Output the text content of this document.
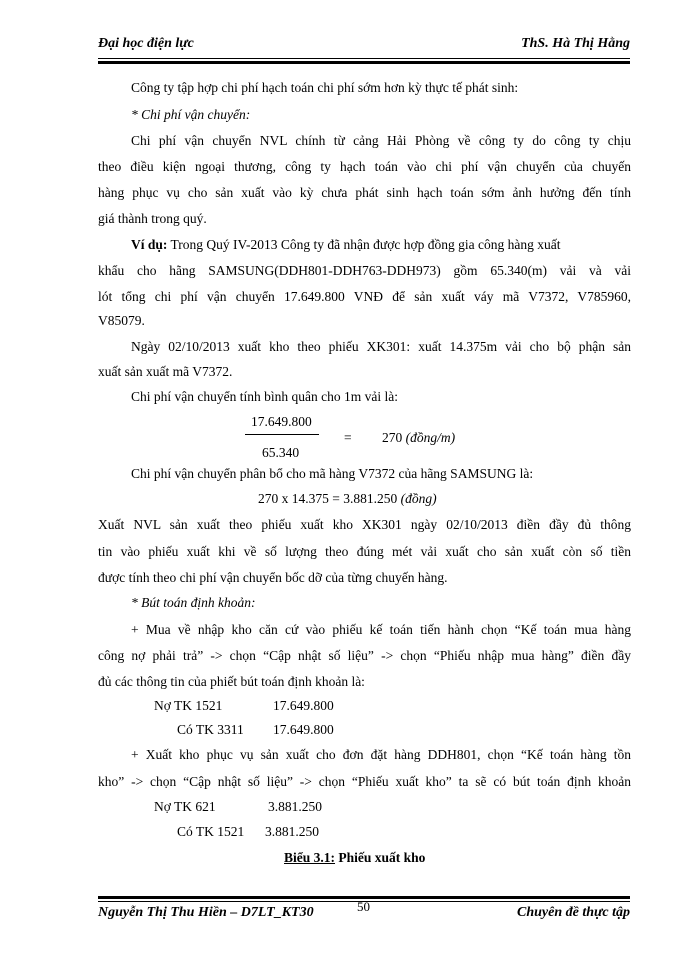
Đại học điện lực	ThS. Hà Thị Hằng
Công ty tập hợp chi phí hạch toán chi phí sớm hơn kỳ thực tế phát sinh:
* Chi phí vận chuyển:
Chi phí vận chuyển NVL chính từ cảng Hải Phòng về công ty do công ty chịu
theo điều kiện ngoại thương, công ty hạch toán vào chi phí vận chuyển của chuyến
hàng phục vụ cho sản xuất vào kỳ chưa phát sinh hạch toán sớm ảnh hưởng đến tính
giá thành trong quý.
Ví dụ: Trong Quý IV-2013 Công ty đã nhận được hợp đồng gia công hàng xuất
khẩu cho hãng SAMSUNG(DDH801-DDH763-DDH973) gồm 65.340(m) vải và vải
lót tổng chi phí vận chuyển 17.649.800 VNĐ để sản xuất váy mã V7372, V785960,
V85079.
Ngày 02/10/2013 xuất kho theo phiếu XK301: xuất 14.375m vải cho bộ phận sản
xuất sản xuất mã V7372.
Chi phí vận chuyển tính bình quân cho 1m vải là:
17.649.800
= 270 (đồng/m)
65.340
Chi phí vận chuyển phân bổ cho mã hàng V7372 của hãng SAMSUNG là:
270 x 14.375 = 3.881.250 (đồng)
Xuất NVL sản xuất theo phiếu xuất kho XK301 ngày 02/10/2013 điền đầy đủ thông
tin vào phiếu xuất khi về số lượng theo đúng mét vải xuất cho sản xuất còn số tiền
được tính theo chi phí vận chuyển bốc dỡ của từng chuyến hàng.
* Bút toán định khoản:
+ Mua về nhập kho căn cứ vào phiếu kế toán tiến hành chọn “Kế toán mua hàng
công nợ phải trả” -> chọn “Cập nhật số liệu” -> chọn “Phiếu nhập mua hàng” điền đầy
đủ các thông tin của phiết bút toán định khoản là:
Nợ TK 1521	17.649.800
Có TK 3311 17.649.800
+ Xuất kho phục vụ sản xuất cho đơn đặt hàng DDH801, chọn “Kế toán hàng tồn
kho” -> chọn “Cập nhật số liệu” -> chọn “Phiếu xuất kho” ta sẽ có bút toán định khoản
Nợ TK 621	3.881.250
Có TK 1521 3.881.250
Biểu 3.1: Phiếu xuất kho
Nguyễn Thị Thu Hiền – D7LT_KT30	50	Chuyên đề thực tập
